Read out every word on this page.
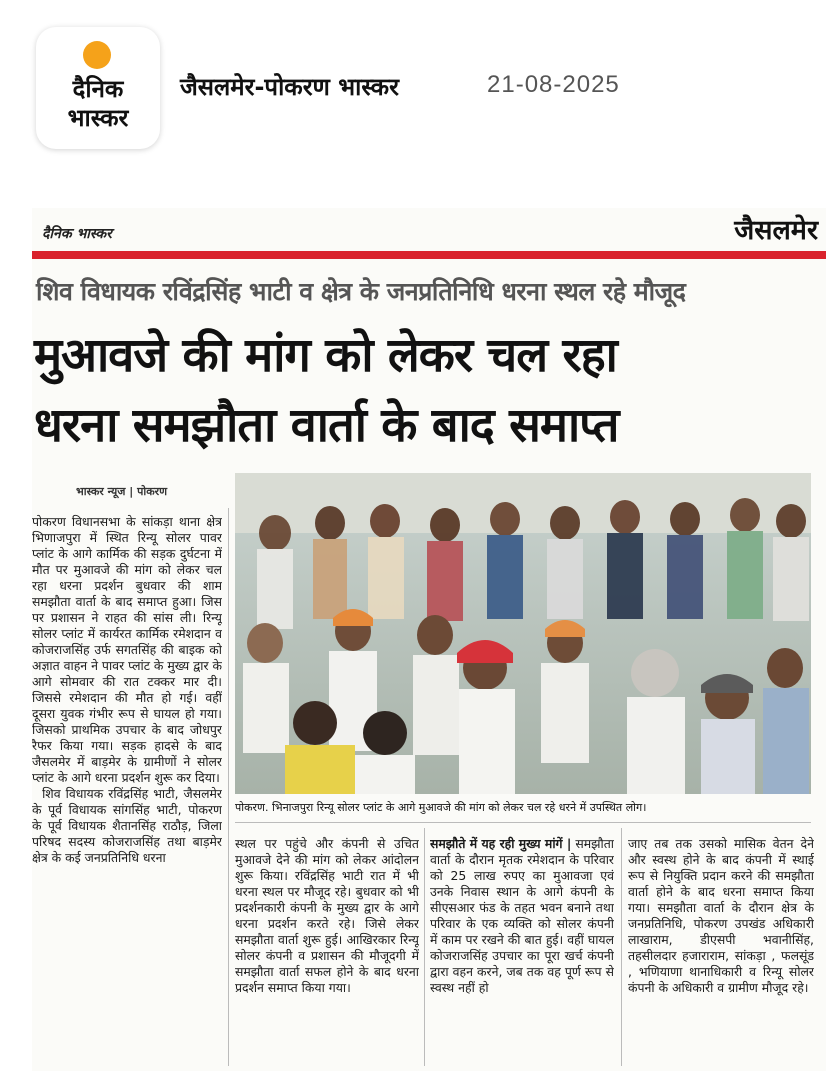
दैनिक
भास्कर
जैसलमेर-पोकरण भास्कर	21-08-2025
दैनिक भास्कर	जैसलमेर
शिव विधायक रविंद्रसिंह भाटी व क्षेत्र के जनप्रतिनिधि धरना स्थल रहे मौजूद
मुआवजे की मांग को लेकर चल रहा
धरना समझौता वार्ता के बाद समाप्त
भास्कर न्यूज | पोकरण
पोकरण विधानसभा के सांकड़ा थाना क्षेत्र भिणाजपुरा में स्थित रिन्यू सोलर पावर प्लांट के आगे कार्मिक की सड़क दुर्घटना में मौत पर मुआवजे की मांग को लेकर चल रहा धरना प्रदर्शन बुधवार की शाम समझौता वार्ता के बाद समाप्त हुआ। जिस पर प्रशासन ने राहत की सांस ली। रिन्यू सोलर प्लांट में कार्यरत कार्मिक रमेशदान व कोजराजसिंह उर्फ सगतसिंह की बाइक को अज्ञात वाहन ने पावर प्लांट के मुख्य द्वार के आगे सोमवार की रात टक्कर मार दी। जिससे रमेशदान की मौत हो गई। वहीं दूसरा युवक गंभीर रूप से घायल हो गया। जिसको प्राथमिक उपचार के बाद जोधपुर रैफर किया गया। सड़क हादसे के बाद जैसलमेर में बाड़मेर के ग्रामीणों ने सोलर प्लांट के आगे धरना प्रदर्शन शुरू कर दिया।
शिव विधायक रविंद्रसिंह भाटी, जैसलमेर के पूर्व विधायक सांगसिंह भाटी, पोकरण के पूर्व विधायक शैतानसिंह राठौड़, जिला परिषद सदस्य कोजराजसिंह तथा बाड़मेर क्षेत्र के कई जनप्रतिनिधि धरना
पोकरण. भिनाजपुरा रिन्यू सोलर प्लांट के आगे मुआवजे की मांग को लेकर चल रहे धरने में उपस्थित लोग।
स्थल पर पहुंचे और कंपनी से उचित मुआवजे देने की मांग को लेकर आंदोलन शुरू किया। रविंद्रसिंह भाटी रात में भी धरना स्थल पर मौजूद रहे। बुधवार को भी प्रदर्शनकारी कंपनी के मुख्य द्वार के आगे धरना प्रदर्शन करते रहे। जिसे लेकर समझौता वार्ता शुरू हुई। आखिरकार रिन्यू सोलर कंपनी व प्रशासन की मौजूदगी में समझौता वार्ता सफल होने के बाद धरना प्रदर्शन समाप्त किया गया।
समझौते में यह रही मुख्य मांगें | समझौता वार्ता के दौरान मृतक रमेशदान के परिवार को 25 लाख रुपए का मुआवजा एवं उनके निवास स्थान के आगे कंपनी के सीएसआर फंड के तहत भवन बनाने तथा परिवार के एक व्यक्ति को सोलर कंपनी में काम पर रखने की बात हुई। वहीं घायल कोजराजसिंह उपचार का पूरा खर्च कंपनी द्वारा वहन करने, जब तक वह पूर्ण रूप से स्वस्थ नहीं हो
जाए तब तक उसको मासिक वेतन देने और स्वस्थ होने के बाद कंपनी में स्थाई रूप से नियुक्ति प्रदान करने की समझौता वार्ता होने के बाद धरना समाप्त किया गया। समझौता वार्ता के दौरान क्षेत्र के जनप्रतिनिधि, पोकरण उपखंड अधिकारी लाखाराम, डीएसपी भवानीसिंह, तहसीलदार हजाराराम, सांकड़ा , फलसूंड , भणियाणा थानाधिकारी व रिन्यू सोलर कंपनी के अधिकारी व ग्रामीण मौजूद रहे।
